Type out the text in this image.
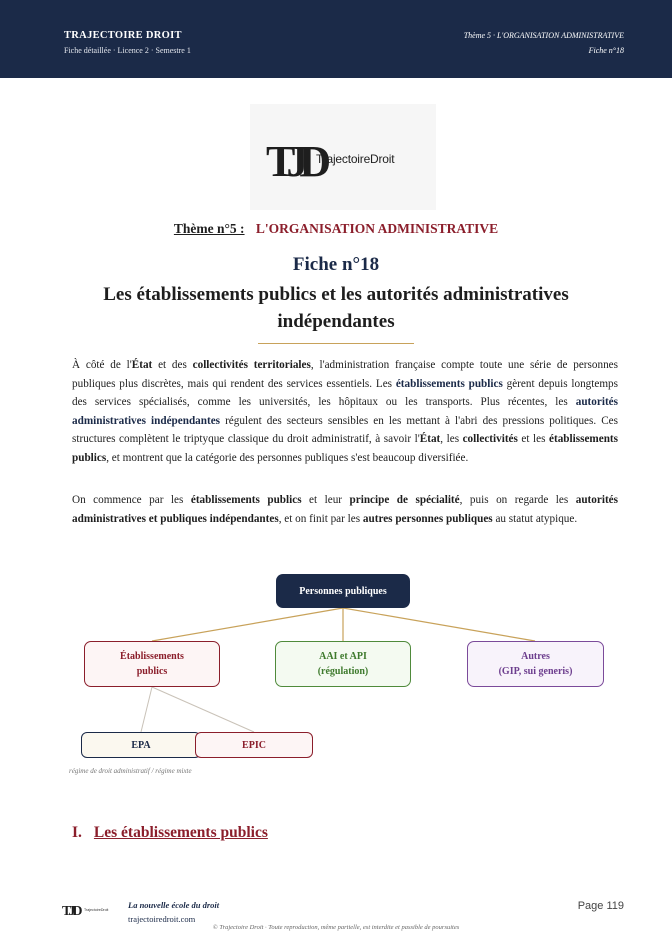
TRAJECTOIRE DROIT
Fiche détaillée · Licence 2 · Semestre 1
Thème 5 · L'ORGANISATION ADMINISTRATIVE
Fiche n°18
TJD
TrajectoireDroit
Thème n°5 : L'ORGANISATION ADMINISTRATIVE
Fiche n°18
Les établissements publics et les autorités administratives
indépendantes
À côté de l'État et des collectivités territoriales, l'administration française compte toute une série de personnes publiques plus discrètes, mais qui rendent des services essentiels. Les établissements publics gèrent depuis longtemps des services spécialisés, comme les universités, les hôpitaux ou les transports. Plus récentes, les autorités administratives indépendantes régulent des secteurs sensibles en les mettant à l'abri des pressions politiques. Ces structures complètent le triptyque classique du droit administratif, à savoir l'État, les collectivités et les établissements publics, et montrent que la catégorie des personnes publiques s'est beaucoup diversifiée.
On commence par les établissements publics et leur principe de spécialité, puis on regarde les autorités administratives et publiques indépendantes, et on finit par les autres personnes publiques au statut atypique.
Personnes publiques
Établissements
publics
AAI et API
(régulation)
Autres
(GIP, sui generis)
EPA	EPIC
régime de droit administratif / régime mixte
I. Les établissements publics
TJD	TrajectoireDroit La nouvelle école du droit
trajectoiredroit.com
© Trajectoire Droit · Toute reproduction, même partielle, est interdite et passible de poursuites
Page 119
